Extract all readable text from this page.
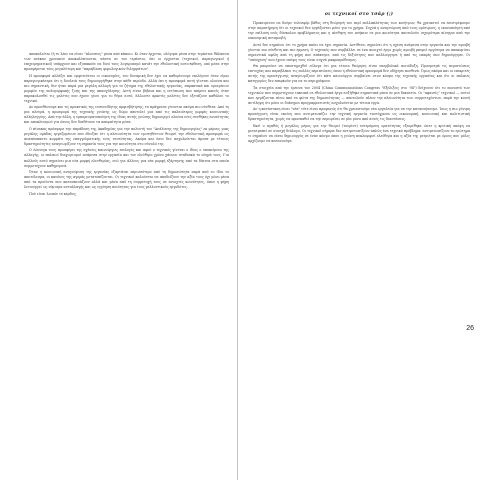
αποκαλείται (ή το λένε να είναι "πλουσιος" μέσα από κάποιο. Κι όταν έρχεται, ολόγυρα μέσα στην τεράστια θάλασσα των ανέκαν χρονικών αποκαλύπτονται, πάντα σε του τεράστιο, όπι οι έρχονται (τεχνικοί, παραγωγικοί ή επιχειρηματικοί) υπάρχουν και εξυπακούε να δινό τους λογαριασμό κατάτ την εθελοντική αυτο-έκθεση, οπό μέσα στην προσφέρεται τους μεγαλύτερη και "παραβίαση φορολογικών διλημμάτων".

Η προσφορά αλλάζει και εμφυτεύεται οι οικονομίες, του δυναμική δεν έχει να καθορίσουμε επιλέγουν όταν είμαι παραγωγικάτερα ότι η δουλειά τους δημιουργήθηκε στην κάθε περίοδο. Αλλά όπι η προσφορά αυτή γίνεται ολοένα και πιο σημαντική, δεν ήταν παρά μια μεγάλη αλλαγή για το ζήτημα της εθελοντικής εργασίας, παρακτικά και ορισμένων μορφών της πολυμορφικής ζωής και της απασχόλησης. Αυτή είναι βέβαια και η εντύπωση που παίρνει κανείς όταν παρακολουθεί τις μελέτες που έχουν γίνει για το θέμα αυτό, άλλωστε αρκετές μελέτες δεν εξετάζουν καθόλου το τεχνικό.

Αν προσθέσουμε και τις πρακτικές της ενσυνείδητης αμφισβήτησης, τα πράγματα γίνονται ακόμα πιο σύνθετα. Από τη μια πλευρά, η προσφορά της τεχνικής γνώσης ως δώρο αποτελεί μια από τις παλαιότερες μορφές κοινωνικής αλληλεγγύης. Από την άλλη, η εμπορευματοποίηση της ίδιας αυτής γνώσης δημιουργεί ολοένα νέες συνθήκες ανισότητας και αποκλεισμού για όσους δεν διαθέτουν τα απαραίτητα μέσα.

Ο πίνακας πρόσφερε την παράδοση της Ακαδημίας για την πολυετή του "Ανάλυσης της δημιουργίας" εκ μέρους μιας μεγάλης ομάδας εργαζομένων που έδειξαν ότι η πλειονότητα των ερωτηθέντων θεωρεί την εθελοντική προσφορά ως αναπόσπαστο κομμάτι της επαγγελματικής τους ταυτότητας. Ακόμα και όσοι δεν ασχολούνται άμεσα με τέτοιες δραστηριότητες αναγνωρίζουν τη σημασία τους για την κοινότητα στο σύνολό της.

Ο Λόσινγκ τους προσφέρει της σχέσεις καινούργιες επιλογές και αφού ο τεχνικός γίνεται ο ίδιος ο υποκείμενο της αλλαγής, οι παλαιοί διαχωρισμοί ανάμεσα στην εργασία και τον ελεύθερο χρόνο χάνουν σταδιακά το νόημά τους. Για πολλούς αυτό σημαίνει μια νέα μορφή ελευθερίας, ενώ για άλλους μια νέα μορφή εξάρτησης από τα δίκτυα στα οποία συμμετέχουν καθημερινά.

Όταν η κοινωνική αναγνώριση της εργασίας εξαρτάται περισσότερο από τη δημοσιότητα παρά από το ίδιο το αποτέλεσμα, οι κανόνες της αγοράς μετατοπίζονται. Οι τεχνικοί καλούνται να αποδείξουν την αξία τους όχι μόνο μέσα από τα προϊόντα που κατασκευάζουν αλλά και μέσα από τη συμμετοχή τους σε ανοιχτές κοινότητες, όπου η φήμη λειτουργεί ως νόμισμα ανταλλαγής και ως εγγύηση ποιότητας για τους μελλοντικούς εργοδότες.

Πού είναι λοιπόν το κέρδος;

οι τεχνικοί στο τσάρ (;)

Προκειμένου να δούμε τελεσφόρ βάθος στη θεώρησή του περί πολλαπλότητας των κινήτρων, θα χρειαστεί να επιστρέψουμε στην παρατήρηση ότι οι τεχνικοί δεν εργάζονται μόνο για το χρήμα. Συχνά η αναγνώριση από τους ομότιμους, η ικανοποίηση από την επίλυση ενός δύσκολου προβλήματος και η αίσθηση του ανήκειν σε μια κοινότητα αποτελούν ισχυρότερα κίνητρα από την οικονομική ανταμοιβή.

Αυτό δεν σημαίνει ότι το χρήμα παύει να έχει σημασία. Αντίθετα, σημαίνει ότι η σχέση ανάμεσα στην εργασία και την αμοιβή γίνεται πιο σύνθετη και πιο έμμεση. Ο τεχνικός που συμβάλλει σε ένα ανοιχτό έργο χωρίς αμοιβή μπορεί αργότερα να αποκομίσει σημαντικά οφέλη από τη φήμη που απέκτησε, από τις δεξιότητες που καλλιέργησε ή από τις επαφές που δημιούργησε. Οι "υπόσχεση" που έχουν υπόψη τους είναι συχνά μακροπρόθεσμες.

Θα μπορούσε να υποστηριχθεί εύλογα ότι μια τέτοια θεώρηση είναι υπερβολικά αισιόδοξη. Προσμετρά τις περιπτώσεις επιτυχίας και παραβλέπει τις πολλές περιπτώσεις όπου η εθελοντική προσφορά δεν οδήγησε πουθενά. Όμως ακόμα και οι επικριτές αυτής της προσέγγισης αναγνωρίζουν ότι κάτι καινούργιο συμβαίνει στον κόσμο της τεχνικής εργασίας και ότι οι παλαιές κατηγορίες δεν επαρκούν για να το περιγράψουν.

Τα στοιχεία από την έρευνα του 2004 (China Communications Congress "Εξέλιξεις στο ’94") δείχνουν ότι το ποσοστό των τεχνικών που συμμετέχουν τακτικά σε εθελοντικά έργα αυξήθηκε σημαντικά μέσα σε μια δεκαετία. Οι "αφανείς" τεχνικοί — αυτοί που εργάζονται πίσω από τα φώτα της δημοσιότητας — αποτελούν πλέον την πλειονότητα των συμμετεχόντων, παρά την κοινή αντίληψη ότι μόνο οι διάσημοι προγραμματιστές ασχολούνται με τέτοια έργα.

Αν η κατάσταση είναι "νέα" τότε είναι προφανώς ότι θα χρειαστούμε νέα εργαλεία για να την κατανοήσουμε. Ίσως η πιο γόνιμη προσέγγιση είναι εκείνη που αντιμετωπίζει την τεχνική εργασία ταυτόχρονα ως οικονομική, κοινωνική και πολιτιστική δραστηριότητα, χωρίς να προσπαθεί να την περιορίσει σε μία μόνο από αυτές τις διαστάσεις.

Εκεί ο αγαθός ή μεγάλος μέρος για την θεωρεί (τουρίστ) εστερόμενη ορατότητας εξαιρέθηκε ώστε η κριτική σκέψη να μετατραπεί σε συνεχή διάλογο. Οι τεχνικοί σήμερα δεν αντιμετωπίζουν απλώς ένα τεχνικό πρόβλημα: αντιμετωπίζουν το ερώτημα τι σημαίνει να είσαι δημιουργός σε έναν κόσμο όπου η γνώση κυκλοφορεί ελεύθερα και η αξία της μετριέται με όρους που μόλις αρχίζουμε να κατανοούμε.

26
